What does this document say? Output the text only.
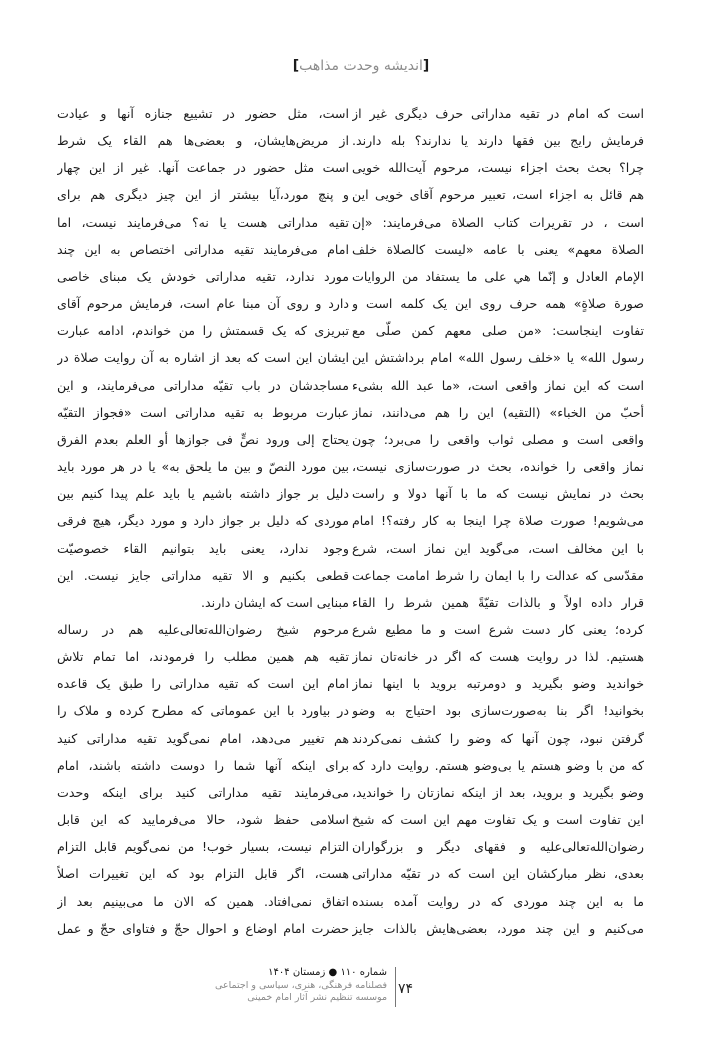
[اندیشه وحدت مذاهب]
است که امام در تقیه مداراتی حرف دیگری غیر از
فرمایش رایج بین فقها دارند یا ندارند؟ بله دارند.
چرا؟ بحث بحث اجزاء نیست، مرحوم آیت‌الله خویی
هم قائل به اجزاء است، تعبیر مرحوم آقای خویی این
است ، در تقریرات کتاب الصلاة می‌فرمایند: «إن
الصلاة معهم» یعنی با عامه «لیست کالصلاة خلف
الإمام العادل و إنّما هي علی ما یستفاد من الروایات
صورة صلاةٍ» همه حرف روی این یک کلمه است و
تفاوت اینجاست: «من صلی معهم کمن صلّی مع
رسول الله» یا «خلف رسول الله» امام برداشتش این
است که این نماز واقعی است، «ما عبد الله بشیء
أحبّ من الخباء» (التقیه) این را هم می‌دانند، نماز
واقعی است و مصلی ثواب واقعی را می‌برد؛ چون
نماز واقعی را خوانده، بحث در صورت‌سازی نیست،
بحث در نمایش نیست که ما با آنها دولا و راست
می‌شویم! صورت صلاة چرا اینجا به کار رفته؟! امام
با این مخالف است، می‌گوید این نماز است، شرع
مقدّسی که عدالت را با ایمان را شرط امامت جماعت
قرار داده اولاً و بالذات تقیّةً همین شرط را القاء
کرده؛ یعنی کار دست شرع است و ما مطیع شرع
هستیم. لذا در روایت هست که اگر در خانه‌تان نماز
خواندید وضو بگیرید و دومرتبه بروید با اینها نماز
بخوانید! اگر بنا به‌صورت‌سازی بود احتیاج به وضو
گرفتن نبود، چون آنها که وضو را کشف نمی‌کردند
که من با وضو هستم یا بی‌وضو هستم. روایت دارد که
وضو بگیرید و بروید، بعد از اینکه نمازتان را خواندید،
این تفاوت است و یک تفاوت مهم این است که شیخ
رضوان‌الله‌تعالی‌علیه و فقهای دیگر و بزرگواران
بعدی، نظر مبارکشان این است که در تقیّه مداراتی
ما به این چند موردی که در روایت آمده بسنده
می‌کنیم و این چند مورد، بعضی‌هایش بالذات جایز
است، مثل حضور در تشییع جنازه آنها و عیادت
از مریض‌هایشان، و بعضی‌ها هم القاء یک شرط
است مثل حضور در جماعت آنها. غیر از این چهار
و پنچ مورد،آیا بیشتر از این چیز دیگری هم برای
تقیه مداراتی هست یا نه؟ می‌فرمایند نیست، اما
امام می‌فرمایند تقیه مداراتی اختصاص به این چند
مورد ندارد، تقیه مداراتی خودش یک مبنای خاصی
دارد و روی آن مبنا عام است، فرمایش مرحوم آقای
تبریزی که یک قسمتش را من خواندم، ادامه عبارت
ایشان این است که بعد از اشاره به آن روایت صلاة در
مساجدشان در باب تقیّه مداراتی می‌فرمایند، و این
عبارت مربوط به تقیه مداراتی است «فجواز التقیّه
یحتاج إلی ورود نصٍّ فی جوازها أو العلم بعدم الفرق
بین مورد النصّ و بین ما یلحق به» یا در هر مورد باید
دلیل بر جواز داشته باشیم یا باید علم پیدا کنیم بین
موردی که دلیل بر جواز دارد و مورد دیگر، هیچ فرقی
وجود ندارد، یعنی باید بتوانیم القاء خصوصیّت
قطعی بکنیم و الا تقیه مداراتی جایز نیست. این
مبنایی است که ایشان دارند.
مرحوم شیخ رضوان‌الله‌تعالی‌علیه هم در رساله
تقیه هم همین مطلب را فرمودند، اما تمام تلاش
امام این است که تقیه مداراتی را طبق یک قاعده
در بیاورد با این عموماتی که مطرح کرده و ملاک را
هم تغییر می‌دهد، امام نمی‌گوید تقیه مداراتی کنید
برای اینکه آنها شما را دوست داشته باشند، امام
می‌فرمایند تقیه مداراتی کنید برای اینکه وحدت
اسلامی حفظ شود، حالا می‌فرمایید که این قابل
التزام نیست، بسیار خوب! من نمی‌گویم قابل التزام
هست، اگر قابل التزام بود که این تغییرات اصلاً
اتفاق نمی‌افتاد. همین که الان ما می‌بینیم بعد از
حضرت امام اوضاع و احوال حجّ و فتاوای حجّ و عمل
۷۴
شماره ۱۱۰ ● زمستان ۱۴۰۴
فصلنامه فرهنگی، هنری، سیاسی و اجتماعی
موسسه تنظیم نشر آثار امام خمینی
